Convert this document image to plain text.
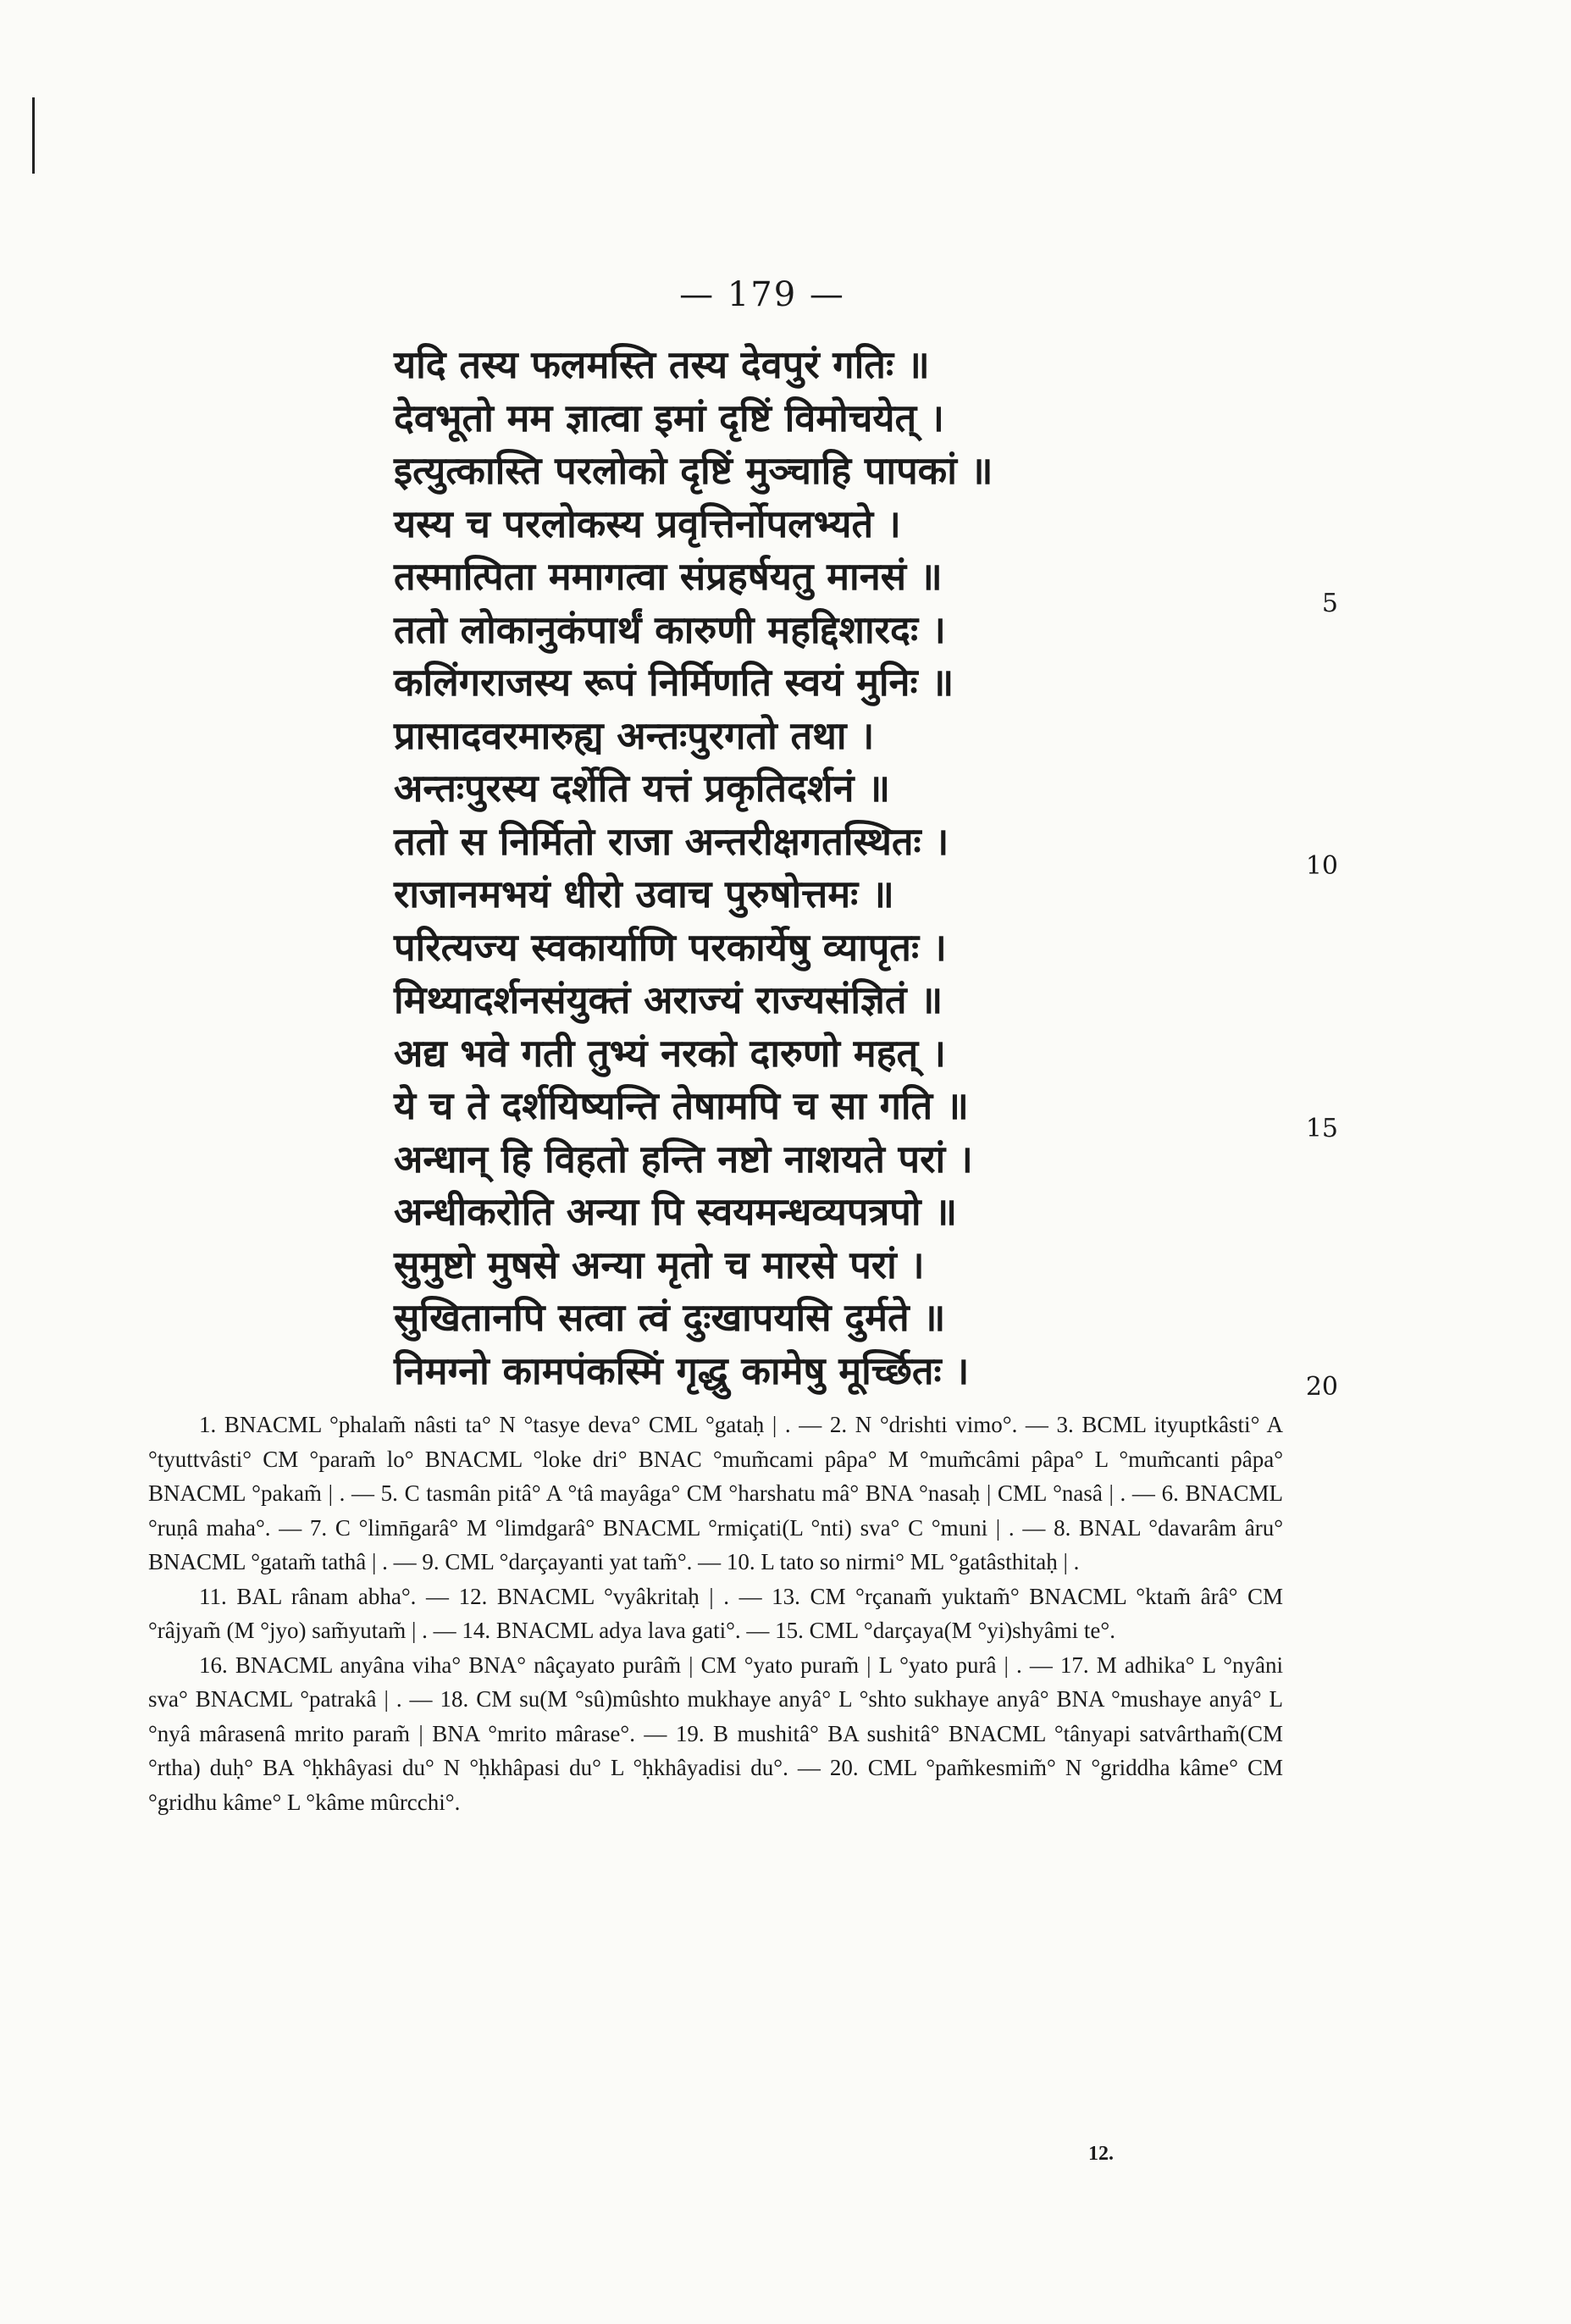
— 179 —
यदि तस्य फलमस्ति तस्य देवपुरं गतिः ॥
देवभूतो मम ज्ञात्वा इमां दृष्टिं विमोचयेत् ।
इत्युत्कास्ति परलोको दृष्टिं मुञ्चाहि पापकां ॥
यस्य च परलोकस्य प्रवृत्तिर्नोपलभ्यते ।
तस्मात्पिता ममागत्वा संप्रहर्षयतु मानसं ॥
ततो लोकानुकंपार्थं कारुणी महद्दिशारदः ।
कलिंगराजस्य रूपं निर्मिणति स्वयं मुनिः ॥
प्रासादवरमारुह्य अन्तःपुरगतो तथा ।
अन्तःपुरस्य दर्शेति यत्तं प्रकृतिदर्शनं ॥
ततो स निर्मितो राजा अन्तरीक्षगतस्थितः ।
राजानमभयं धीरो उवाच पुरुषोत्तमः ॥
परित्यज्य स्वकार्याणि परकार्येषु व्यापृतः ।
मिथ्यादर्शनसंयुक्तं अराज्यं राज्यसंज्ञितं ॥
अद्य भवे गती तुभ्यं नरको दारुणो महत् ।
ये च ते दर्शयिष्यन्ति तेषामपि च सा गति ॥
अन्धान् हि विहतो हन्ति नष्टो नाशयते परां ।
अन्धीकरोति अन्या पि स्वयमन्धव्यपत्रपो ॥
सुमुष्टो मुषसे अन्या मृतो च मारसे परां ।
सुखितानपि सत्वा त्वं दुःखापयसि दुर्मते ॥
निमग्नो कामपंकस्मिं गृद्धु कामेषु मूर्च्छितः ।
5
10
15
20

1. BNACML °phalam̃ nâsti ta° N °tasye deva° CML °gataḥ | . — 2. N °drishti vimo°. — 3. BCML ityuptkâsti° A °tyuttvâsti° CM °param̃ lo° BNACML °loke dri° BNAC °mum̃cami pâpa° M °mum̃câmi pâpa° L °mum̃canti pâpa° BNACML °pakam̃ | . — 5. C tasmân pitâ° A °tâ mayâga° CM °harshatu mâ° BNA °nasaḥ | CML °nasâ | . — 6. BNACML °ruṇâ maha°. — 7. C °limn̄garâ° M °limdgarâ° BNACML °rmiçati(L °nti) sva° C °muni | . — 8. BNAL °davarâm âru° BNACML °gatam̃ tathâ | . — 9. CML °darçayanti yat tam̃°. — 10. L tato so nirmi° ML °gatâsthitaḥ | .

11. BAL rânam abha°. — 12. BNACML °vyâkritaḥ | . — 13. CM °rçanam̃ yuktam̃° BNACML °ktam̃ ârâ° CM °râjyam̃ (M °jyo) sam̃yutam̃ | . — 14. BNACML adya lava gati°. — 15. CML °darçaya(M °yi)shyâmi te°.

16. BNACML anyâna viha° BNA° nâçayato purâm̃ | CM °yato puram̃ | L °yato purâ | . — 17. M adhika° L °nyâni sva° BNACML °patrakâ | . — 18. CM su(M °sû)mûshto mukhaye anyâ° L °shto sukhaye anyâ° BNA °mushaye anyâ° L °nyâ mârasenâ mrito param̃ | BNA °mrito mârase°. — 19. B mushitâ° BA sushitâ° BNACML °tânyapi satvârtham̃(CM °rtha) duḥ° BA °ḥkhâyasi du° N °ḥkhâpasi du° L °ḥkhâyadisi du°. — 20. CML °pam̃kesmim̃° N °griddha kâme° CM °gridhu kâme° L °kâme mûrcchi°.

12.
